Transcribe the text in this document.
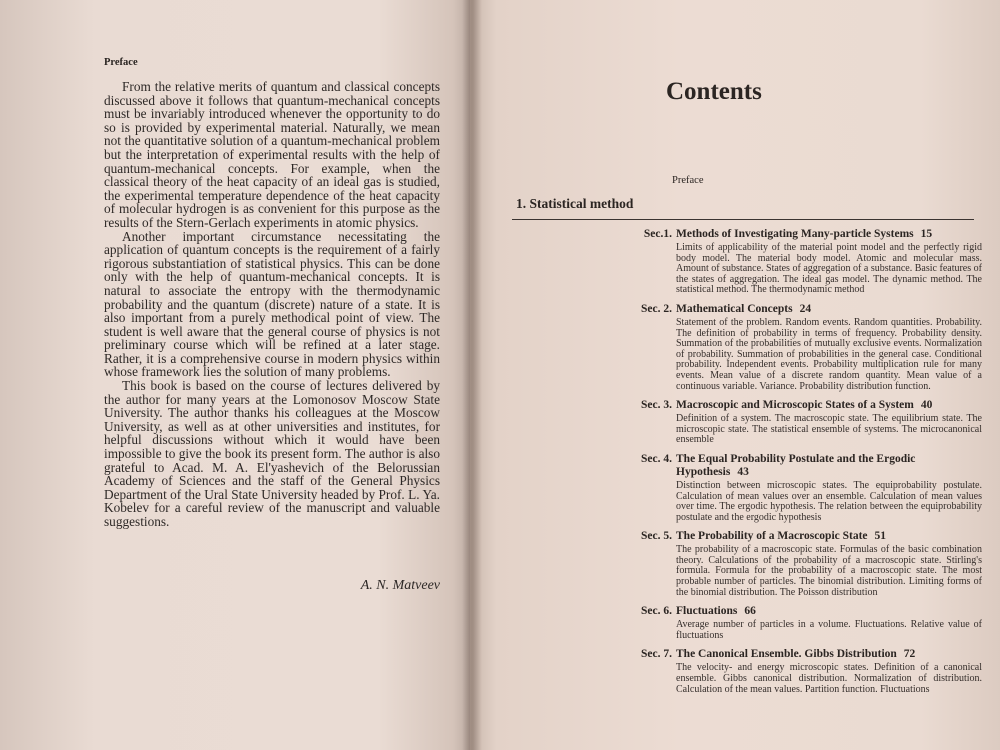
Preface

From the relative merits of quantum and classical concepts discussed above it follows that quantum-mechanical concepts must be invariably introduced whenever the opportunity to do so is provided by experimental material. Naturally, we mean not the quantitative solution of a quantum-mechanical problem but the interpretation of experimental results with the help of quantum-mechanical concepts. For example, when the classical theory of the heat capacity of an ideal gas is studied, the experimental temperature dependence of the heat capacity of molecular hydrogen is as convenient for this purpose as the results of the Stern-Gerlach experiments in atomic physics.

Another important circumstance necessitating the application of quantum concepts is the requirement of a fairly rigorous substantiation of statistical physics. This can be done only with the help of quantum-mechanical concepts. It is natural to associate the entropy with the thermodynamic probability and the quantum (discrete) nature of a state. It is also important from a purely methodical point of view. The student is well aware that the general course of physics is not preliminary course which will be refined at a later stage. Rather, it is a comprehensive course in modern physics within whose framework lies the solution of many problems.

This book is based on the course of lectures delivered by the author for many years at the Lomonosov Moscow State University. The author thanks his colleagues at the Moscow University, as well as at other universities and institutes, for helpful discussions without which it would have been impossible to give the book its present form. The author is also grateful to Acad. M. A. El'yashevich of the Belorussian Academy of Sciences and the staff of the General Physics Department of the Ural State University headed by Prof. L. Ya. Kobelev for a careful review of the manuscript and valuable suggestions.

A. N. Matveev
Contents
Preface
1. Statistical method
Sec.1. Methods of Investigating Many-particle Systems 15
Limits of applicability of the material point model and the perfectly rigid body model. The material body model. Atomic and molecular mass. Amount of substance. States of aggregation of a substance. Basic features of the states of aggregation. The ideal gas model. The dynamic method. The statistical method. The thermodynamic method
Sec. 2. Mathematical Concepts 24
Statement of the problem. Random events. Random quantities. Probability. The definition of probability in terms of frequency. Probability density. Summation of the probabilities of mutually exclusive events. Normalization of probability. Summation of probabilities in the general case. Conditional probability. Independent events. Probability multiplication rule for many events. Mean value of a discrete random quantity. Mean value of a continuous variable. Variance. Probability distribution function.
Sec. 3. Macroscopic and Microscopic States of a System 40
Definition of a system. The macroscopic state. The equilibrium state. The microscopic state. The statistical ensemble of systems. The microcanonical ensemble
Sec. 4. The Equal Probability Postulate and the Ergodic Hypothesis 43
Distinction between microscopic states. The equiprobability postulate. Calculation of mean values over an ensemble. Calculation of mean values over time. The ergodic hypothesis. The relation between the equiprobability postulate and the ergodic hypothesis
Sec. 5. The Probability of a Macroscopic State 51
The probability of a macroscopic state. Formulas of the basic combination theory. Calculations of the probability of a macroscopic state. Stirling's formula. Formula for the probability of a macroscopic state. The most probable number of particles. The binomial distribution. Limiting forms of the binomial distribution. The Poisson distribution
Sec. 6. Fluctuations 66
Average number of particles in a volume. Fluctuations. Relative value of fluctuations
Sec. 7. The Canonical Ensemble. Gibbs Distribution 72
The velocity- and energy microscopic states. Definition of a canonical ensemble. Gibbs canonical distribution. Normalization of distribution. Calculation of the mean values. Partition function. Fluctuations
